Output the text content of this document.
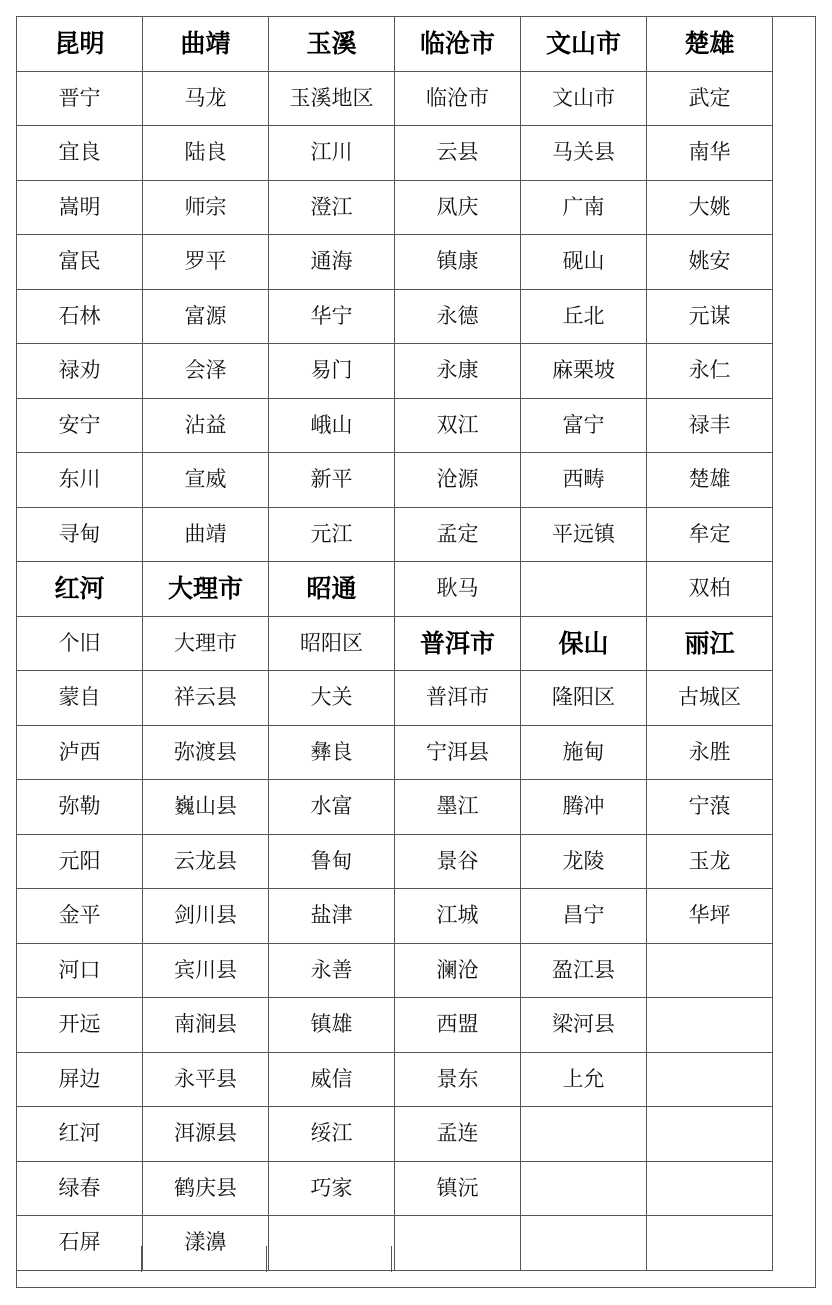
昆明	曲靖	玉溪	临沧市	文山市	楚雄
晋宁	马龙	玉溪地区	临沧市	文山市	武定
宜良	陆良	江川	云县	马关县	南华
嵩明	师宗	澄江	凤庆	广南	大姚
富民	罗平	通海	镇康	砚山	姚安
石林	富源	华宁	永德	丘北	元谋
禄劝	会泽	易门	永康	麻栗坡	永仁
安宁	沾益	峨山	双江	富宁	禄丰
东川	宣威	新平	沧源	西畴	楚雄
寻甸	曲靖	元江	孟定	平远镇	牟定
红河	大理市	昭通	耿马		双柏
个旧	大理市	昭阳区	普洱市	保山	丽江
蒙自	祥云县	大关	普洱市	隆阳区	古城区
泸西	弥渡县	彝良	宁洱县	施甸	永胜
弥勒	巍山县	水富	墨江	腾冲	宁蒗
元阳	云龙县	鲁甸	景谷	龙陵	玉龙
金平	剑川县	盐津	江城	昌宁	华坪
河口	宾川县	永善	澜沧	盈江县	
开远	南涧县	镇雄	西盟	梁河县	
屏边	永平县	威信	景东	上允	
红河	洱源县	绥江	孟连		
绿春	鹤庆县	巧家	镇沅		
石屏	漾濞				
